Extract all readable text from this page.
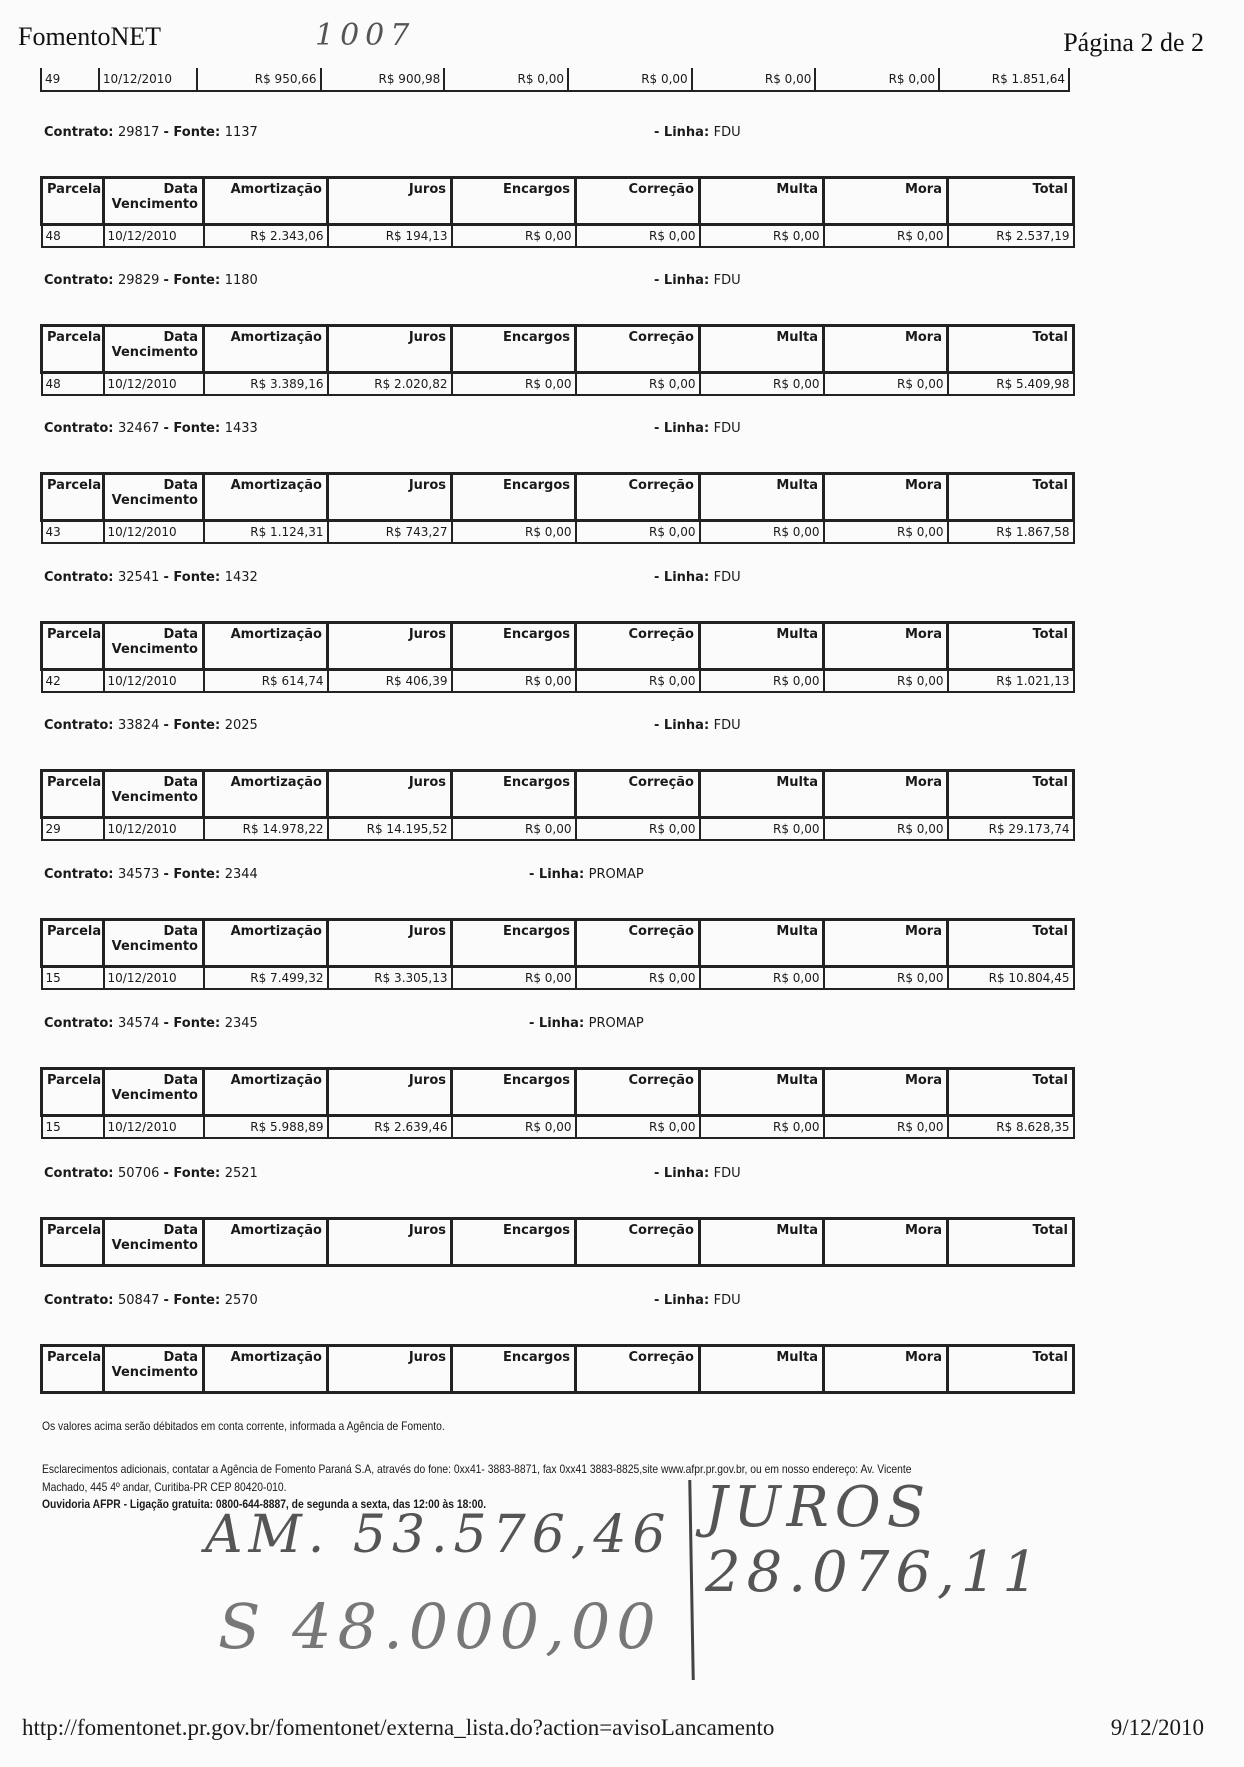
FomentoNET	1007	Página 2 de 2
49	10/12/2010	R$ 950,66	R$ 900,98	R$ 0,00	R$ 0,00	R$ 0,00	R$ 0,00	R$ 1.851,64
Contrato: 29817 - Fonte: 1137	- Linha: FDU
Parcela	Data Vencimento	Amortização	Juros	Encargos	Correção	Multa	Mora	Total
48	10/12/2010	R$ 2.343,06	R$ 194,13	R$ 0,00	R$ 0,00	R$ 0,00	R$ 0,00	R$ 2.537,19
Contrato: 29829 - Fonte: 1180	- Linha: FDU
Parcela	Data Vencimento	Amortização	Juros	Encargos	Correção	Multa	Mora	Total
48	10/12/2010	R$ 3.389,16	R$ 2.020,82	R$ 0,00	R$ 0,00	R$ 0,00	R$ 0,00	R$ 5.409,98
Contrato: 32467 - Fonte: 1433	- Linha: FDU
Parcela	Data Vencimento	Amortização	Juros	Encargos	Correção	Multa	Mora	Total
43	10/12/2010	R$ 1.124,31	R$ 743,27	R$ 0,00	R$ 0,00	R$ 0,00	R$ 0,00	R$ 1.867,58
Contrato: 32541 - Fonte: 1432	- Linha: FDU
Parcela	Data Vencimento	Amortização	Juros	Encargos	Correção	Multa	Mora	Total
42	10/12/2010	R$ 614,74	R$ 406,39	R$ 0,00	R$ 0,00	R$ 0,00	R$ 0,00	R$ 1.021,13
Contrato: 33824 - Fonte: 2025	- Linha: FDU
Parcela	Data Vencimento	Amortização	Juros	Encargos	Correção	Multa	Mora	Total
29	10/12/2010	R$ 14.978,22	R$ 14.195,52	R$ 0,00	R$ 0,00	R$ 0,00	R$ 0,00	R$ 29.173,74
Contrato: 34573 - Fonte: 2344	- Linha: PROMAP
Parcela	Data Vencimento	Amortização	Juros	Encargos	Correção	Multa	Mora	Total
15	10/12/2010	R$ 7.499,32	R$ 3.305,13	R$ 0,00	R$ 0,00	R$ 0,00	R$ 0,00	R$ 10.804,45
Contrato: 34574 - Fonte: 2345	- Linha: PROMAP
Parcela	Data Vencimento	Amortização	Juros	Encargos	Correção	Multa	Mora	Total
15	10/12/2010	R$ 5.988,89	R$ 2.639,46	R$ 0,00	R$ 0,00	R$ 0,00	R$ 0,00	R$ 8.628,35
Contrato: 50706 - Fonte: 2521	- Linha: FDU
Parcela	Data Vencimento	Amortização	Juros	Encargos	Correção	Multa	Mora	Total
Contrato: 50847 - Fonte: 2570	- Linha: FDU
Parcela	Data Vencimento	Amortização	Juros	Encargos	Correção	Multa	Mora	Total
Os valores acima serão débitados em conta corrente, informada a Agência de Fomento.
Esclarecimentos adicionais, contatar a Agência de Fomento Paraná S.A, através do fone: 0xx41- 3883-8871, fax 0xx41 3883-8825,site www.afpr.pr.gov.br, ou em nosso endereço: Av. Vicente
Machado, 445 4º andar, Curitiba-PR CEP 80420-010.
Ouvidoria AFPR - Ligação gratuita: 0800-644-8887, de segunda a sexta, das 12:00 às 18:00.
AM. 53.576,46
S 48.000,00
JUROS 28.076,11
http://fomentonet.pr.gov.br/fomentonet/externa_lista.do?action=avisoLancamento	9/12/2010
